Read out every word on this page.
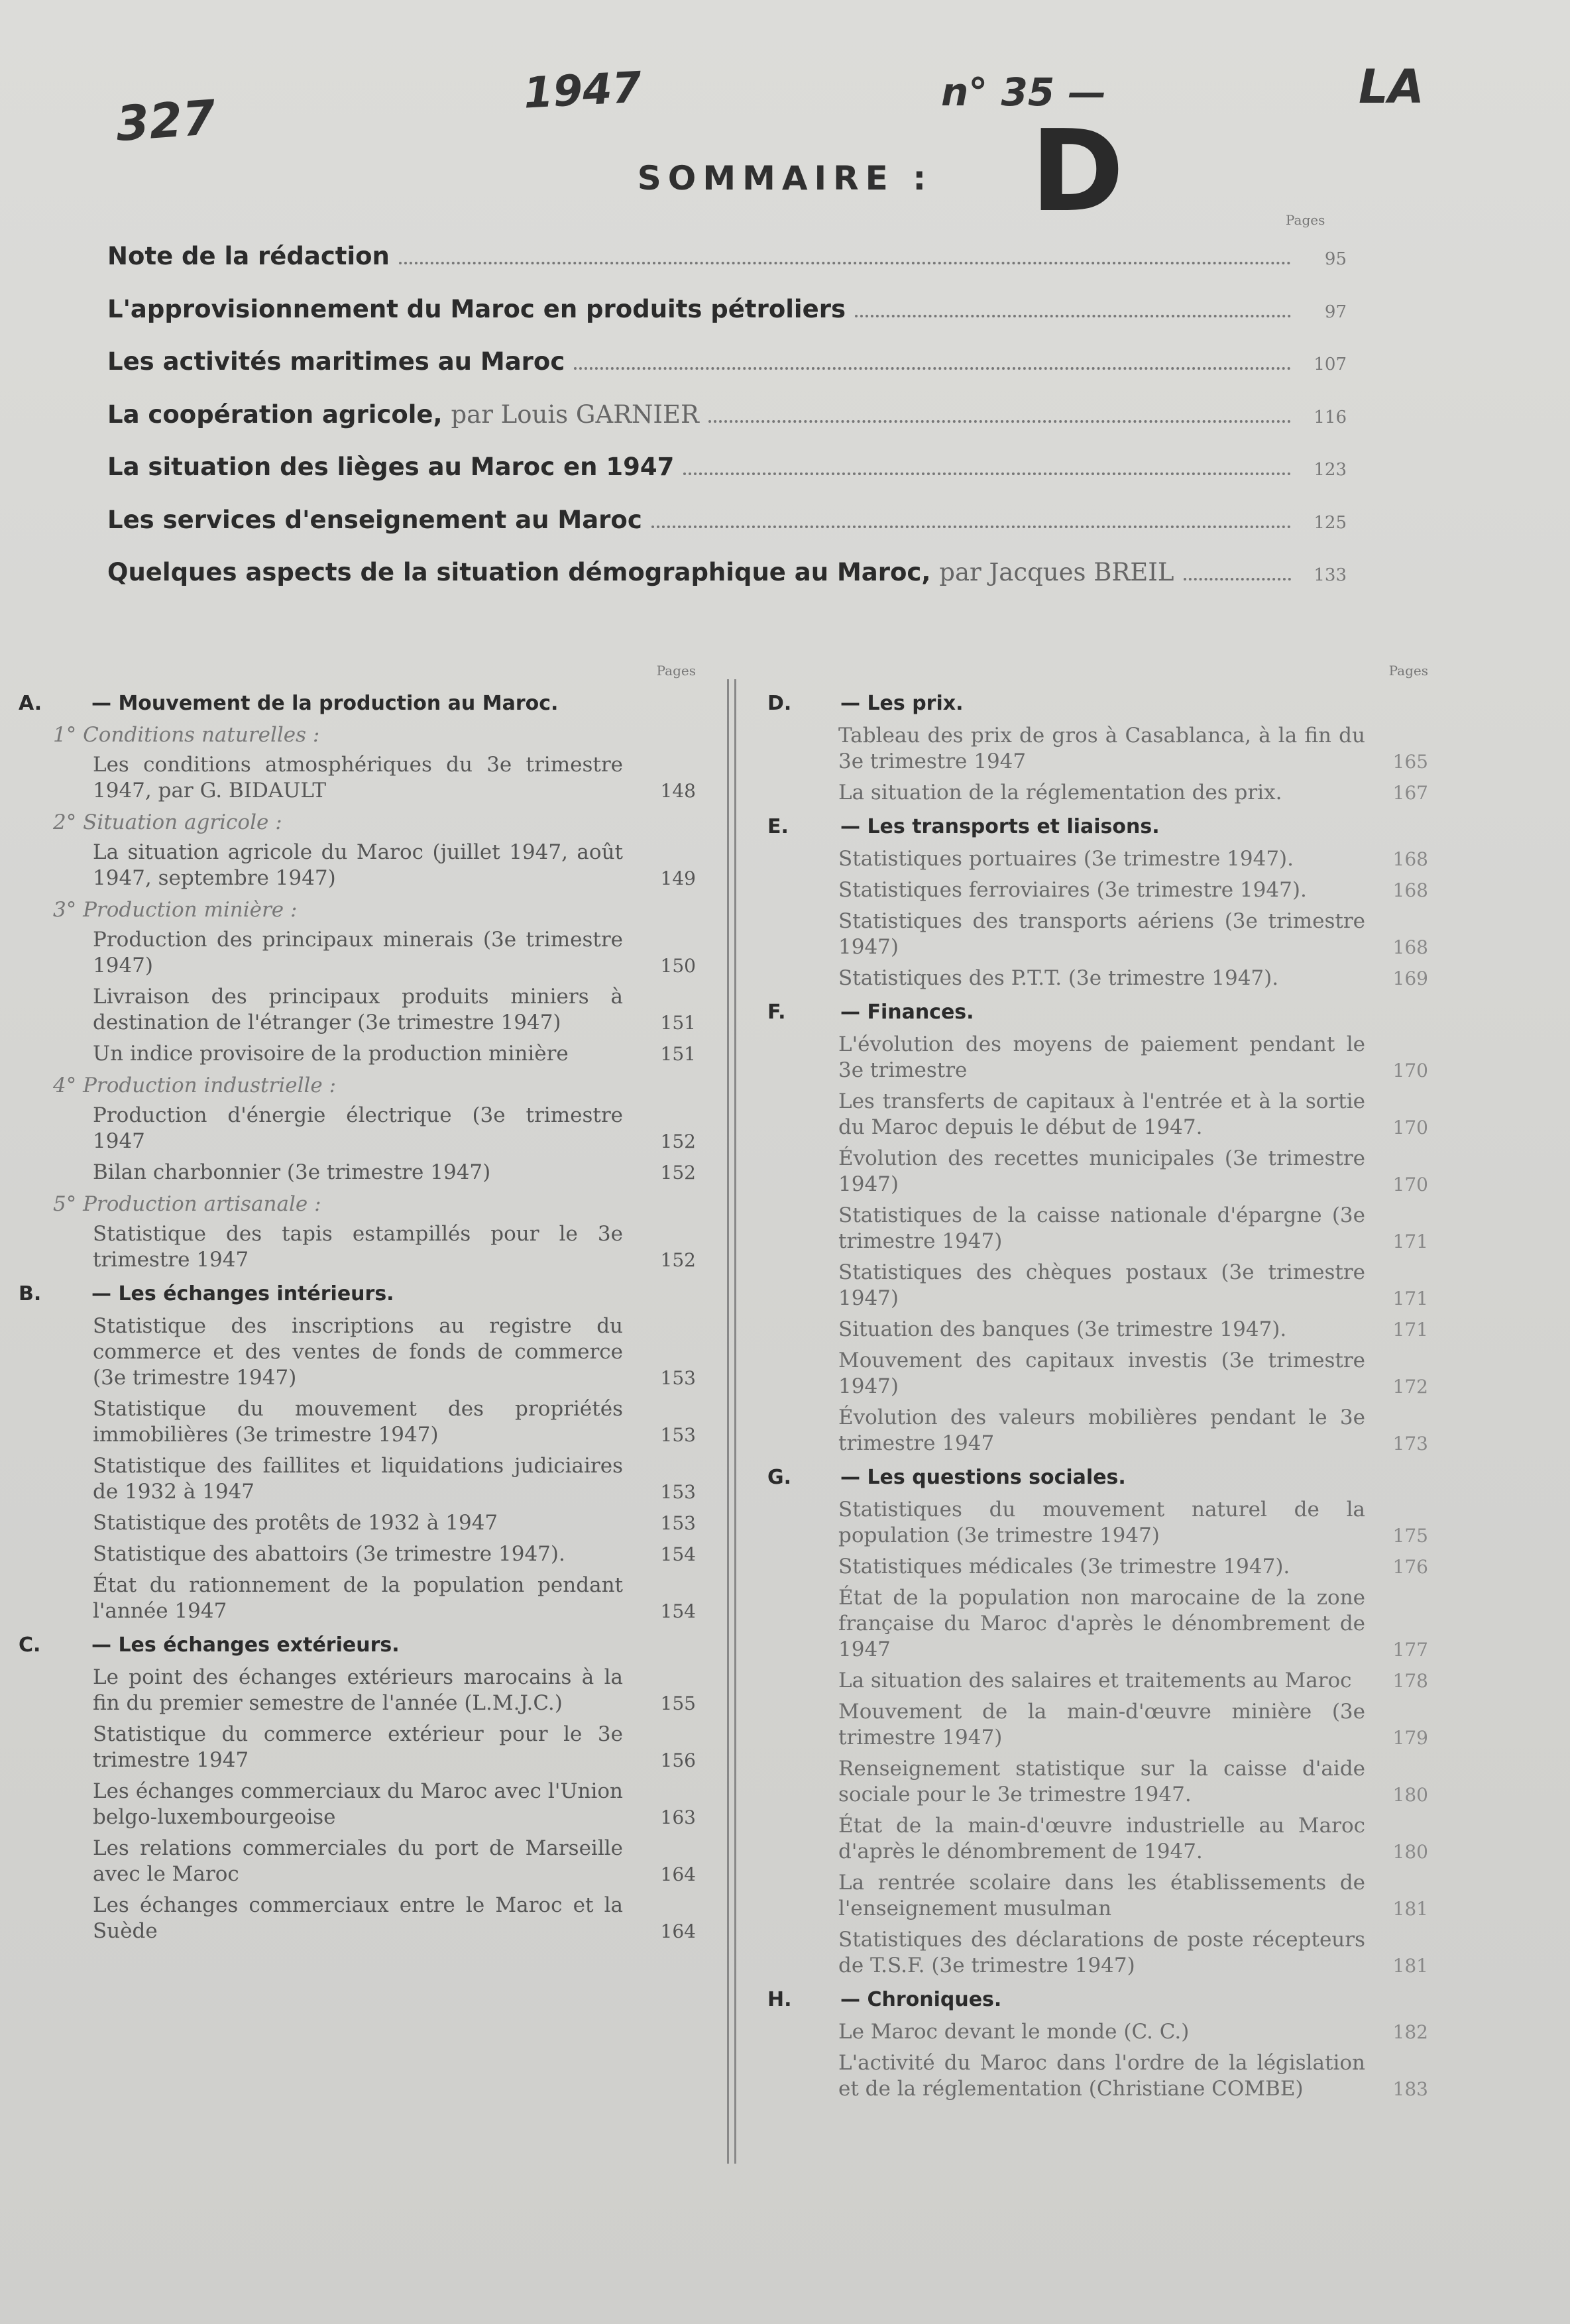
327	1947	n° 35 —	LA
D
SOMMAIRE :
Pages
Note de la rédaction	95
L'approvisionnement du Maroc en produits pétroliers	97
Les activités maritimes au Maroc	107
La coopération agricole, par Louis GARNIER	116
La situation des lièges au Maroc en 1947	123
Les services d'enseignement au Maroc	125
Quelques aspects de la situation démographique au Maroc, par Jacques BREIL	133
Pages
A.	— Mouvement de la production au Maroc.
1° Conditions naturelles :
Les conditions atmosphériques du 3e trimestre 1947, par G. BIDAULT	148
2° Situation agricole :
La situation agricole du Maroc (juillet 1947, août 1947, septembre 1947)	149
3° Production minière :
Production des principaux minerais (3e trimestre 1947)	150
Livraison des principaux produits miniers à destination de l'étranger (3e trimestre 1947)	151
Un indice provisoire de la production minière	151
4° Production industrielle :
Production d'énergie électrique (3e trimestre 1947	152
Bilan charbonnier (3e trimestre 1947)	152
5° Production artisanale :
Statistique des tapis estampillés pour le 3e trimestre 1947	152
B.	— Les échanges intérieurs.
Statistique des inscriptions au registre du commerce et des ventes de fonds de commerce (3e trimestre 1947)	153
Statistique du mouvement des propriétés immobilières (3e trimestre 1947)	153
Statistique des faillites et liquidations judiciaires de 1932 à 1947	153
Statistique des protêts de 1932 à 1947	153
Statistique des abattoirs (3e trimestre 1947).	154
État du rationnement de la population pendant l'année 1947	154
C.	— Les échanges extérieurs.
Le point des échanges extérieurs marocains à la fin du premier semestre de l'année (L.M.J.C.)	155
Statistique du commerce extérieur pour le 3e trimestre 1947	156
Les échanges commerciaux du Maroc avec l'Union belgo-luxembourgeoise	163
Les relations commerciales du port de Marseille avec le Maroc	164
Les échanges commerciaux entre le Maroc et la Suède	164
Pages
D.	— Les prix.
Tableau des prix de gros à Casablanca, à la fin du 3e trimestre 1947	165
La situation de la réglementation des prix.	167
E.	— Les transports et liaisons.
Statistiques portuaires (3e trimestre 1947).	168
Statistiques ferroviaires (3e trimestre 1947).	168
Statistiques des transports aériens (3e trimestre 1947)	168
Statistiques des P.T.T. (3e trimestre 1947).	169
F.	— Finances.
L'évolution des moyens de paiement pendant le 3e trimestre	170
Les transferts de capitaux à l'entrée et à la sortie du Maroc depuis le début de 1947.	170
Évolution des recettes municipales (3e trimestre 1947)	170
Statistiques de la caisse nationale d'épargne (3e trimestre 1947)	171
Statistiques des chèques postaux (3e trimestre 1947)	171
Situation des banques (3e trimestre 1947).	171
Mouvement des capitaux investis (3e trimestre 1947)	172
Évolution des valeurs mobilières pendant le 3e trimestre 1947	173
G.	— Les questions sociales.
Statistiques du mouvement naturel de la population (3e trimestre 1947)	175
Statistiques médicales (3e trimestre 1947).	176
État de la population non marocaine de la zone française du Maroc d'après le dénombrement de 1947	177
La situation des salaires et traitements au Maroc	178
Mouvement de la main-d'œuvre minière (3e trimestre 1947)	179
Renseignement statistique sur la caisse d'aide sociale pour le 3e trimestre 1947.	180
État de la main-d'œuvre industrielle au Maroc d'après le dénombrement de 1947.	180
La rentrée scolaire dans les établissements de l'enseignement musulman	181
Statistiques des déclarations de poste récepteurs de T.S.F. (3e trimestre 1947)	181
H.	— Chroniques.
Le Maroc devant le monde (C. C.)	182
L'activité du Maroc dans l'ordre de la législation et de la réglementation (Christiane COMBE)	183
